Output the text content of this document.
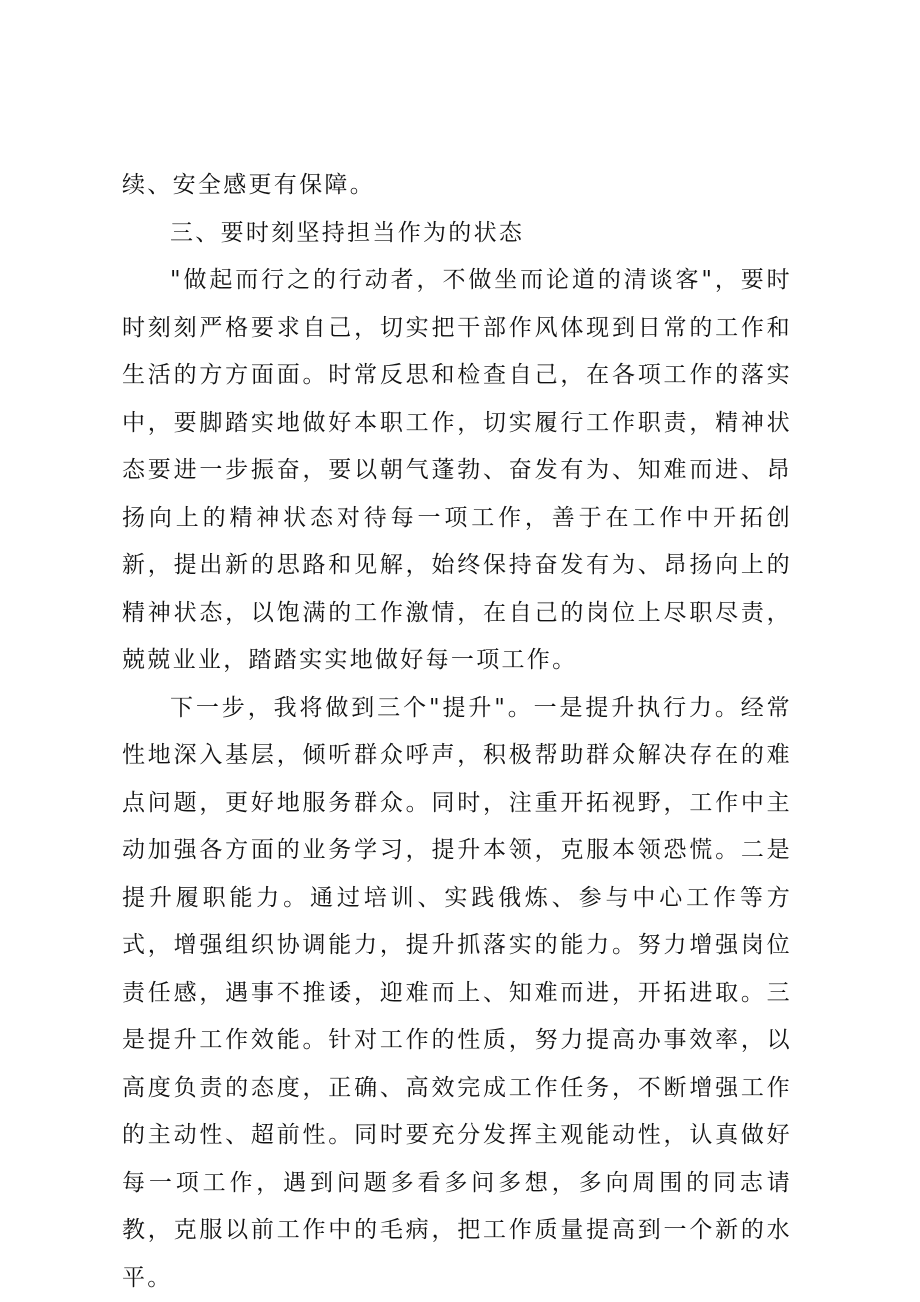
续、安全感更有保障。

三、要时刻坚持担当作为的状态

"做起而行之的行动者，不做坐而论道的清谈客"，要时时刻刻严格要求自己，切实把干部作风体现到日常的工作和生活的方方面面。时常反思和检查自己，在各项工作的落实中，要脚踏实地做好本职工作，切实履行工作职责，精神状态要进一步振奋，要以朝气蓬勃、奋发有为、知难而进、昂扬向上的精神状态对待每一项工作，善于在工作中开拓创新，提出新的思路和见解，始终保持奋发有为、昂扬向上的精神状态，以饱满的工作激情，在自己的岗位上尽职尽责，兢兢业业，踏踏实实地做好每一项工作。

下一步，我将做到三个"提升"。一是提升执行力。经常性地深入基层，倾听群众呼声，积极帮助群众解决存在的难点问题，更好地服务群众。同时，注重开拓视野，工作中主动加强各方面的业务学习，提升本领，克服本领恐慌。二是提升履职能力。通过培训、实践俄炼、参与中心工作等方式，增强组织协调能力，提升抓落实的能力。努力增强岗位责任感，遇事不推诿，迎难而上、知难而进，开拓进取。三是提升工作效能。针对工作的性质，努力提高办事效率，以高度负责的态度，正确、高效完成工作任务，不断增强工作的主动性、超前性。同时要充分发挥主观能动性，认真做好每一项工作，遇到问题多看多问多想，多向周围的同志请教，克服以前工作中的毛病，把工作质量提高到一个新的水平。
